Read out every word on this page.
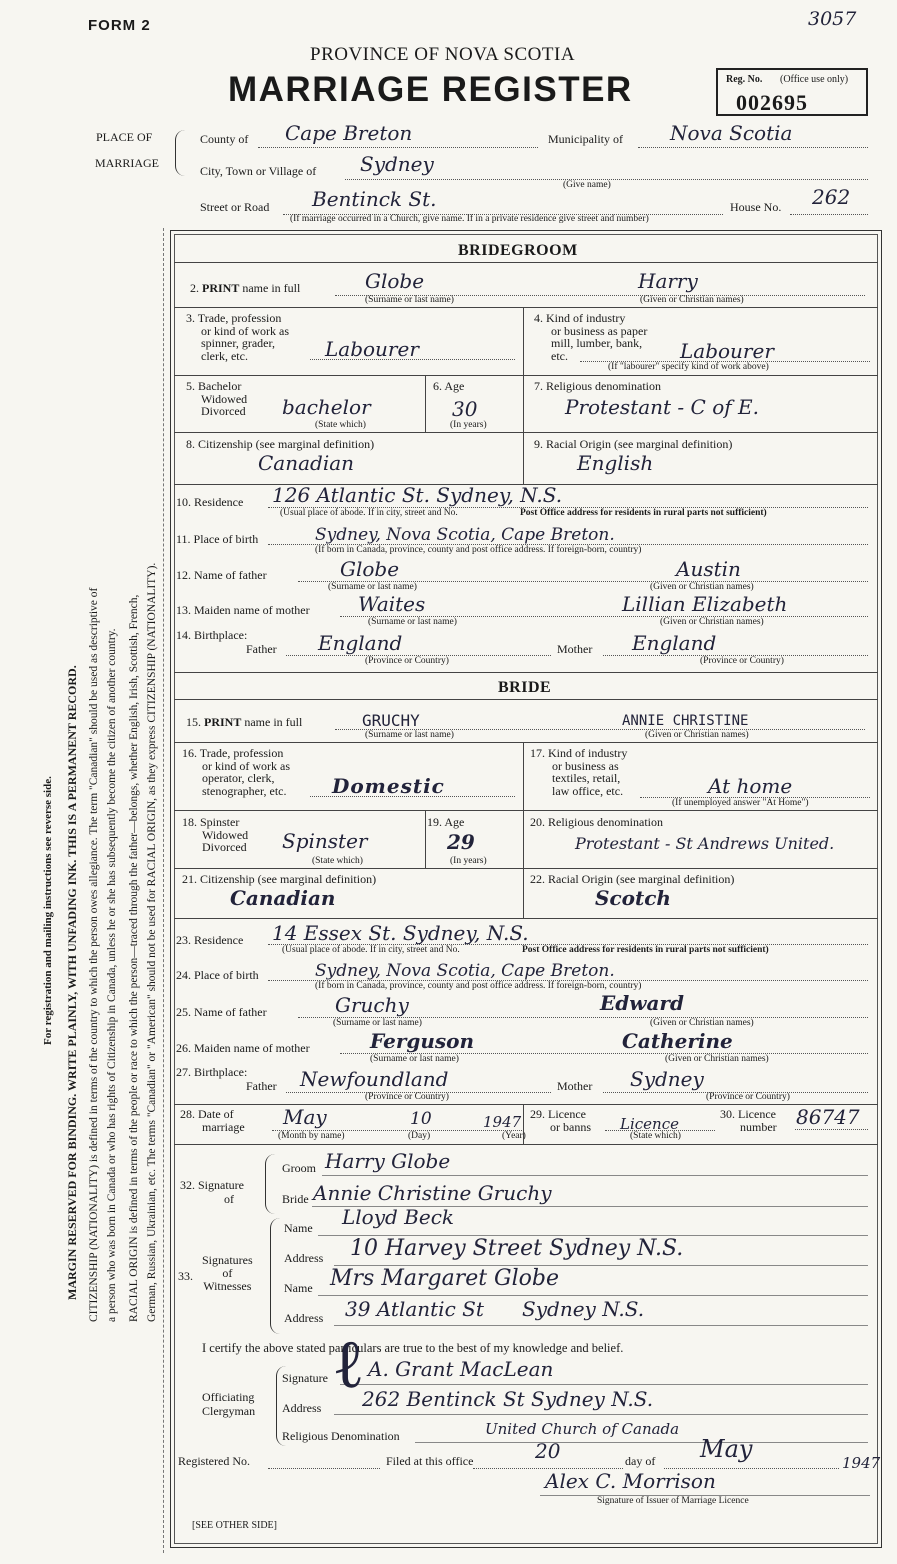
FORM 2	3057
PROVINCE OF NOVA SCOTIA
MARRIAGE REGISTER	Reg. No. (Office use only)
002695
For registration and mailing instructions see reverse side. MARGIN RESERVED FOR BINDING. WRITE PLAINLY, WITH UNFADING INK. THIS IS A PERMANENT RECORD. CITIZENSHIP (NATIONALITY) is defined in terms of the country to which the person owes allegiance. The term "Canadian" should be used as descriptive of a person who was born in Canada or who has rights of Citizenship in Canada, unless he or she has subsequently become the citizen of another country. RACIAL ORIGIN is defined in terms of the people or race to which the person—traced through the father—belongs, whether English, Irish, Scottish, French, German, Russian, Ukrainian, etc. The terms "Canadian" or "American" should not be used for RACIAL ORIGIN, as they express CITIZENSHIP (NATIONALITY).
PLACE OF
MARRIAGE
County of Cape Breton	Municipality of Nova Scotia
City, Town or Village of Sydney
(Give name)
Street or Road Bentinck St.	House No. 262
(If marriage occurred in a Church, give name. If in a private residence give street and number)
BRIDEGROOM
2. PRINT name in full	Globe	Harry
(Surname or last name)	(Given or Christian names)
3. Trade, profession
or kind of work as
spinner, grader,
clerk, etc.	Labourer
4. Kind of industry
or business as paper
mill, lumber, bank,
etc.	Labourer
(If "labourer" specify kind of work above)
5. Bachelor
Widowed
Divorced bachelor
(State which)
6. Age
30
(In years)
7. Religious denomination
Protestant - C of E.
8. Citizenship (see marginal definition)
Canadian
9. Racial Origin (see marginal definition)
English
10. Residence 126 Atlantic St. Sydney, N.S.
(Usual place of abode. If in city, street and No.	Post Office address for residents in rural parts not sufficient)
11. Place of birth	Sydney, Nova Scotia, Cape Breton.
(If born in Canada, province, county and post office address. If foreign-born, country)
12. Name of father	Globe	Austin
(Surname or last name)	(Given or Christian names)
13. Maiden name of mother Waites	Lillian Elizabeth
(Surname or last name)	(Given or Christian names)
14. Birthplace:
Father England
(Province or Country)
Mother England
(Province or Country)
BRIDE
15. PRINT name in full	GRUCHY	ANNIE CHRISTINE
(Surname or last name)	(Given or Christian names)
16. Trade, profession
or kind of work as
operator, clerk,
stenographer, etc. Domestic
17. Kind of industry
or business as
textiles, retail,
law office, etc.	At home
(If unemployed answer "At Home")
18. Spinster
Widowed
Divorced Spinster
(State which)
19. Age
29
(In years)
20. Religious denomination
Protestant - St Andrews United.
21. Citizenship (see marginal definition)
Canadian
22. Racial Origin (see marginal definition)
Scotch
23. Residence 14 Essex St. Sydney, N.S.
(Usual place of abode. If in city, street and No.	Post Office address for residents in rural parts not sufficient)
24. Place of birth	Sydney, Nova Scotia, Cape Breton.
(If born in Canada, province, county and post office address. If foreign-born, country)
25. Name of father	Gruchy	Edward
(Surname or last name)	(Given or Christian names)
26. Maiden name of mother	Ferguson	Catherine
(Surname or last name)	(Given or Christian names)
27. Birthplace:
Father Newfoundland
(Province or Country)
Mother Sydney
(Province or Country)
28. Date of
marriage May	10	1947
(Month by name)	(Day)	(Year)
29. Licence
or banns Licence
(State which)
30. Licence
number 86747
32. Signature
of
Groom Harry Globe
Bride Annie Christine Gruchy
33.
Signatures
of
Witnesses
Name Lloyd Beck
Address 10 Harvey Street Sydney N.S.
Name Mrs Margaret Globe
Address 39 Atlantic St      Sydney N.S.
I certify the above stated particulars are true to the best of my knowledge and belief.
Officiating
Clergyman
Signature A. Grant MacLean
Address 262 Bentinck St Sydney N.S.
Religious Denomination	United Church of Canada
ℓ
Registered No.	Filed at this office	20	day of May	1947
Alex C. Morrison
Signature of Issuer of Marriage Licence
[SEE OTHER SIDE]
